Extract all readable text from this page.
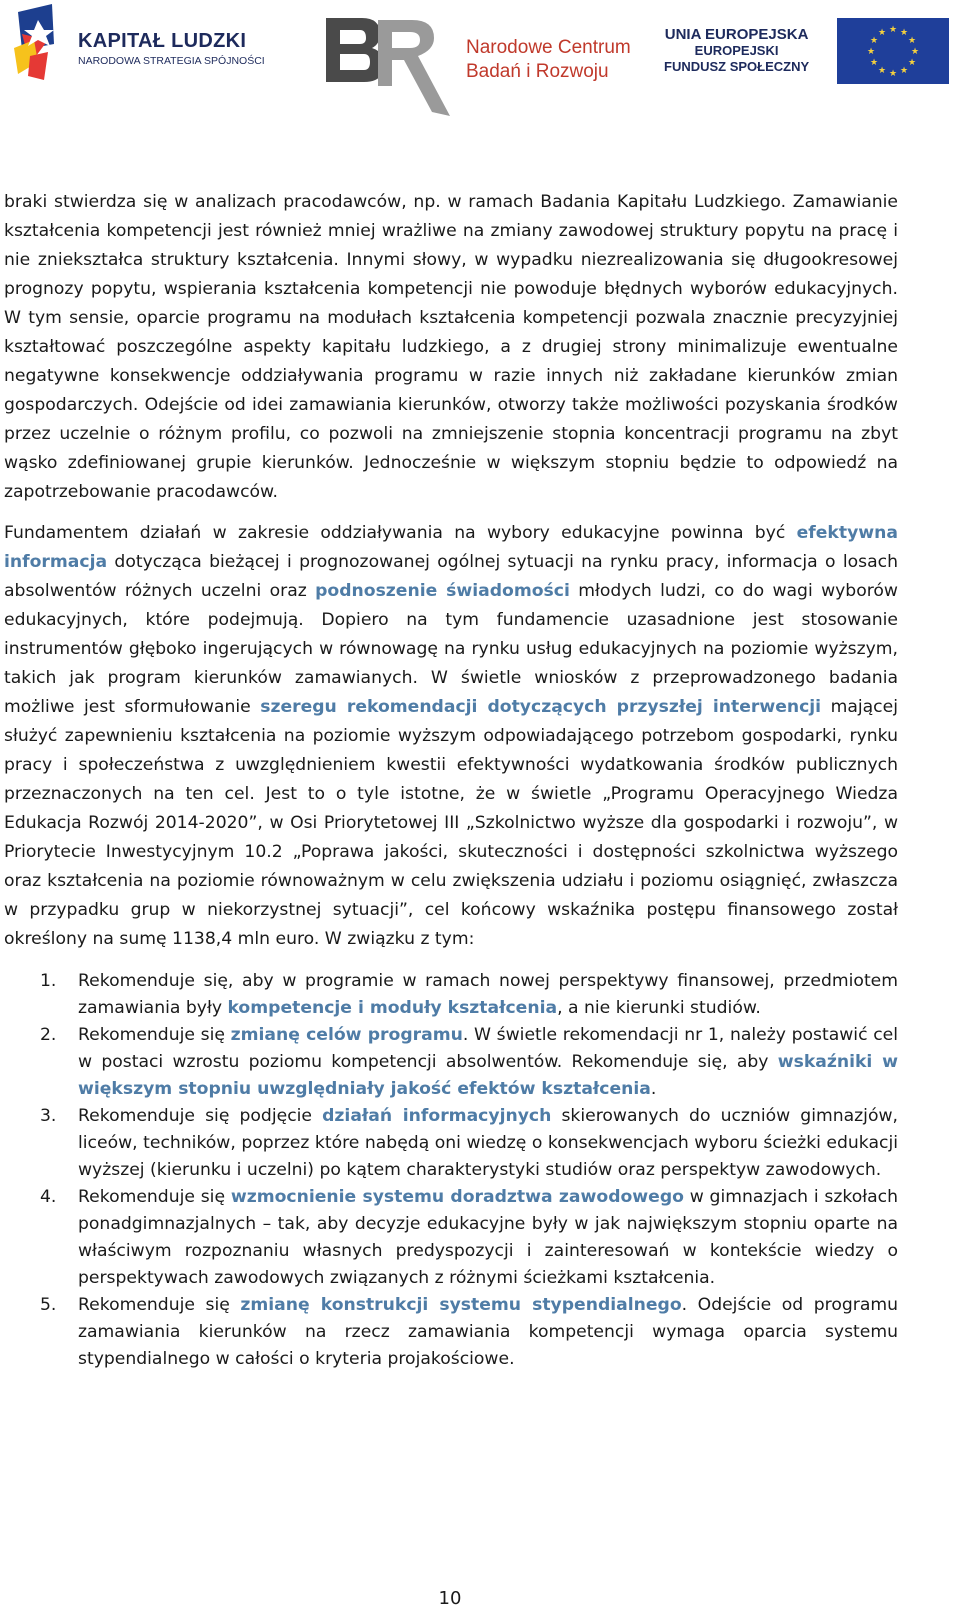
KAPITAŁ LUDZKI
NARODOWA STRATEGIA SPÓJNOŚCI
Narodowe Centrum
Badań i Rozwoju
UNIA EUROPEJSKA
EUROPEJSKI
FUNDUSZ SPOŁECZNY
★ ★
★
★
★
★
★
★
★
★
★
★

braki stwierdza się w analizach pracodawców, np. w ramach Badania Kapitału Ludzkiego. Zamawianie kształcenia kompetencji jest również mniej wrażliwe na zmiany zawodowej struktury popytu na pracę i nie zniekształca struktury kształcenia. Innymi słowy, w wypadku niezrealizowania się długookresowej prognozy popytu, wspierania kształcenia kompetencji nie powoduje błędnych wyborów edukacyjnych. W tym sensie, oparcie programu na modułach kształcenia kompetencji pozwala znacznie precyzyjniej kształtować poszczególne aspekty kapitału ludzkiego, a z drugiej strony minimalizuje ewentualne negatywne konsekwencje oddziaływania programu w razie innych niż zakładane kierunków zmian gospodarczych. Odejście od idei zamawiania kierunków, otworzy także możliwości pozyskania środków przez uczelnie o różnym profilu, co pozwoli na zmniejszenie stopnia koncentracji programu na zbyt wąsko zdefiniowanej grupie kierunków. Jednocześnie w większym stopniu będzie to odpowiedź na zapotrzebowanie pracodawców.

Fundamentem działań w zakresie oddziaływania na wybory edukacyjne powinna być efektywna informacja dotycząca bieżącej i prognozowanej ogólnej sytuacji na rynku pracy, informacja o losach absolwentów różnych uczelni oraz podnoszenie świadomości młodych ludzi, co do wagi wyborów edukacyjnych, które podejmują. Dopiero na tym fundamencie uzasadnione jest stosowanie instrumentów głęboko ingerujących w równowagę na rynku usług edukacyjnych na poziomie wyższym, takich jak program kierunków zamawianych. W świetle wniosków z przeprowadzonego badania możliwe jest sformułowanie szeregu rekomendacji dotyczących przyszłej interwencji mającej służyć zapewnieniu kształcenia na poziomie wyższym odpowiadającego potrzebom gospodarki, rynku pracy i społeczeństwa z uwzględnieniem kwestii efektywności wydatkowania środków publicznych przeznaczonych na ten cel. Jest to o tyle istotne, że w świetle „Programu Operacyjnego Wiedza Edukacja Rozwój 2014-2020”, w Osi Priorytetowej III „Szkolnictwo wyższe dla gospodarki i rozwoju”, w Priorytecie Inwestycyjnym 10.2 „Poprawa jakości, skuteczności i dostępności szkolnictwa wyższego oraz kształcenia na poziomie równoważnym w celu zwiększenia udziału i poziomu osiągnięć, zwłaszcza w przypadku grup w niekorzystnej sytuacji”, cel końcowy wskaźnika postępu finansowego został określony na sumę 1138,4 mln euro. W związku z tym:

1. Rekomenduje się, aby w programie w ramach nowej perspektywy finansowej, przedmiotem zamawiania były kompetencje i moduły kształcenia, a nie kierunki studiów.
2. Rekomenduje się zmianę celów programu. W świetle rekomendacji nr 1, należy postawić cel w postaci wzrostu poziomu kompetencji absolwentów. Rekomenduje się, aby wskaźniki w większym stopniu uwzględniały jakość efektów kształcenia.
3. Rekomenduje się podjęcie działań informacyjnych skierowanych do uczniów gimnazjów, liceów, techników, poprzez które nabędą oni wiedzę o konsekwencjach wyboru ścieżki edukacji wyższej (kierunku i uczelni) po kątem charakterystyki studiów oraz perspektyw zawodowych.
4. Rekomenduje się wzmocnienie systemu doradztwa zawodowego w gimnazjach i szkołach ponadgimnazjalnych – tak, aby decyzje edukacyjne były w jak największym stopniu oparte na właściwym rozpoznaniu własnych predyspozycji i zainteresowań w kontekście wiedzy o perspektywach zawodowych związanych z różnymi ścieżkami kształcenia.
5. Rekomenduje się zmianę konstrukcji systemu stypendialnego. Odejście od programu zamawiania kierunków na rzecz zamawiania kompetencji wymaga oparcia systemu stypendialnego w całości o kryteria projakościowe.
10
